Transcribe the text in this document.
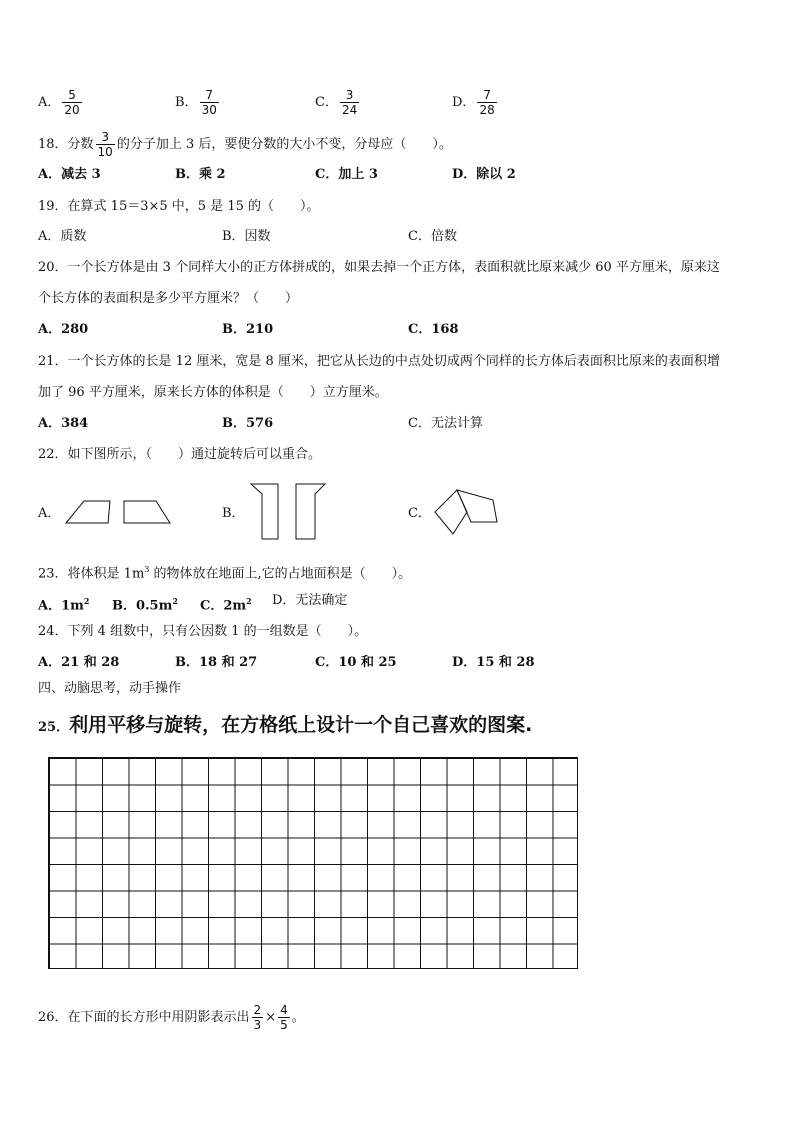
A． $\frac{5}{20}$	B． $\frac{7}{30}$	C． $\frac{3}{24}$	D． $\frac{7}{28}$
18．分数 $\frac{3}{10}$ 的分子加上 3 后，要使分数的大小不变，分母应（　　）。
A．减去 3	B．乘 2	C．加上 3	D．除以 2
19．在算式 15＝3×5 中，5 是 15 的（　　）。
A．质数	B．因数	C．倍数
20．一个长方体是由 3 个同样大小的正方体拼成的，如果去掉一个正方体，表面积就比原来减少 60 平方厘米，原来这
个长方体的表面积是多少平方厘米？（　　）
A．280	B．210	C．168
21．一个长方体的长是 12 厘米，宽是 8 厘米，把它从长边的中点处切成两个同样的长方体后表面积比原来的表面积增
加了 96 平方厘米，原来长方体的体积是（　　）立方厘米。
A．384	B．576	C．无法计算
22．如下图所示，（　　）通过旋转后可以重合。
A．	B．	C．
23．将体积是 $1m^3$ 的物体放在地面上,它的占地面积是（　　）。
A．$1m^2$ B．$0.5m^2$ C．$2m^2$ D．无法确定
24．下列 4 组数中，只有公因数 1 的一组数是（　　）。
A．21 和 28	B．18 和 27	C．10 和 25	D．15 和 28
四、动脑思考，动手操作
25．利用平移与旋转，在方格纸上设计一个自己喜欢的图案.
26．在下面的长方形中用阴影表示出 $\frac{2}{3} \times \frac{4}{5}$ 。
